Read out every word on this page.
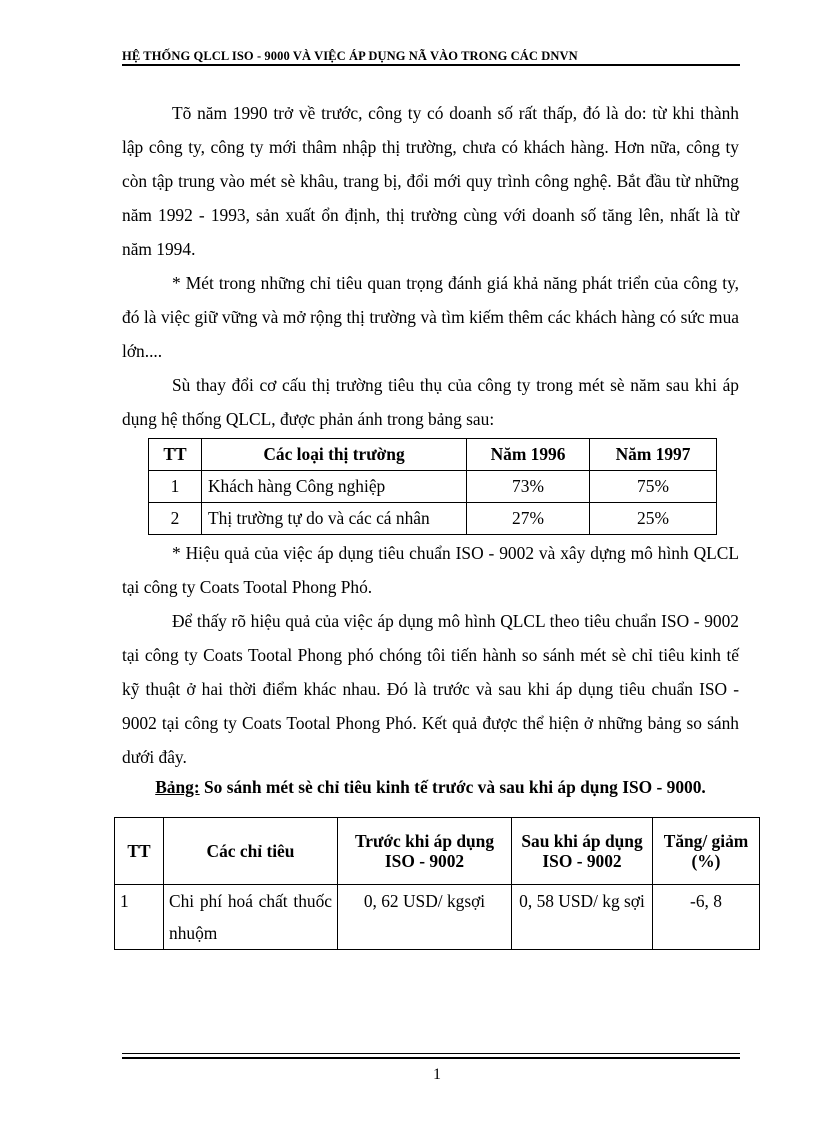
HỆ THỐNG QLCL ISO - 9000 VÀ VIỆC ÁP DỤNG NÃ VÀO TRONG CÁC DNVN

Tõ năm 1990 trở về trước, công ty có doanh số rất thấp, đó là do: từ khi thành lập công ty, công ty mới thâm nhập thị trường, chưa có khách hàng. Hơn nữa, công ty còn tập trung vào mét sè khâu, trang bị, đổi mới quy trình công nghệ. Bắt đầu từ những năm 1992 - 1993, sản xuất ổn định, thị trường cùng với doanh số tăng lên, nhất là từ năm 1994.

* Mét trong những chỉ tiêu quan trọng đánh giá khả năng phát triển của công ty, đó là việc giữ vững và mở rộng thị trường và tìm kiếm thêm các khách hàng có sức mua lớn....

Sù thay đổi cơ cấu thị trường tiêu thụ của công ty trong mét sè năm sau khi áp dụng hệ thống QLCL, được phản ánh trong bảng sau:

TT	Các loại thị trường	Năm 1996	Năm 1997
1	Khách hàng Công nghiệp	73%	75%
2	Thị trường tự do và các cá nhân	27%	25%

* Hiệu quả của việc áp dụng tiêu chuẩn ISO - 9002 và xây dựng mô hình QLCL tại công ty Coats Tootal Phong Phó.

Để thấy rõ hiệu quả của việc áp dụng mô hình QLCL theo tiêu chuẩn ISO - 9002 tại công ty Coats Tootal Phong phó chóng tôi tiến hành so sánh mét sè chỉ tiêu kinh tế kỹ thuật ở hai thời điểm khác nhau. Đó là trước và sau khi áp dụng tiêu chuẩn ISO - 9002 tại công ty Coats Tootal Phong Phó. Kết quả được thể hiện ở những bảng so sánh dưới đây.

Bảng: So sánh mét sè chỉ tiêu kinh tế trước và sau khi áp dụng ISO - 9000.
TT	Các chỉ tiêu	Trước khi áp dụng ISO - 9002	Sau khi áp dụng ISO - 9002	Tăng/ giảm (%)
1	Chi phí hoá chất thuốc nhuộm	0, 62 USD/ kgsợi	0, 58 USD/ kg sợi	-6, 8
1
